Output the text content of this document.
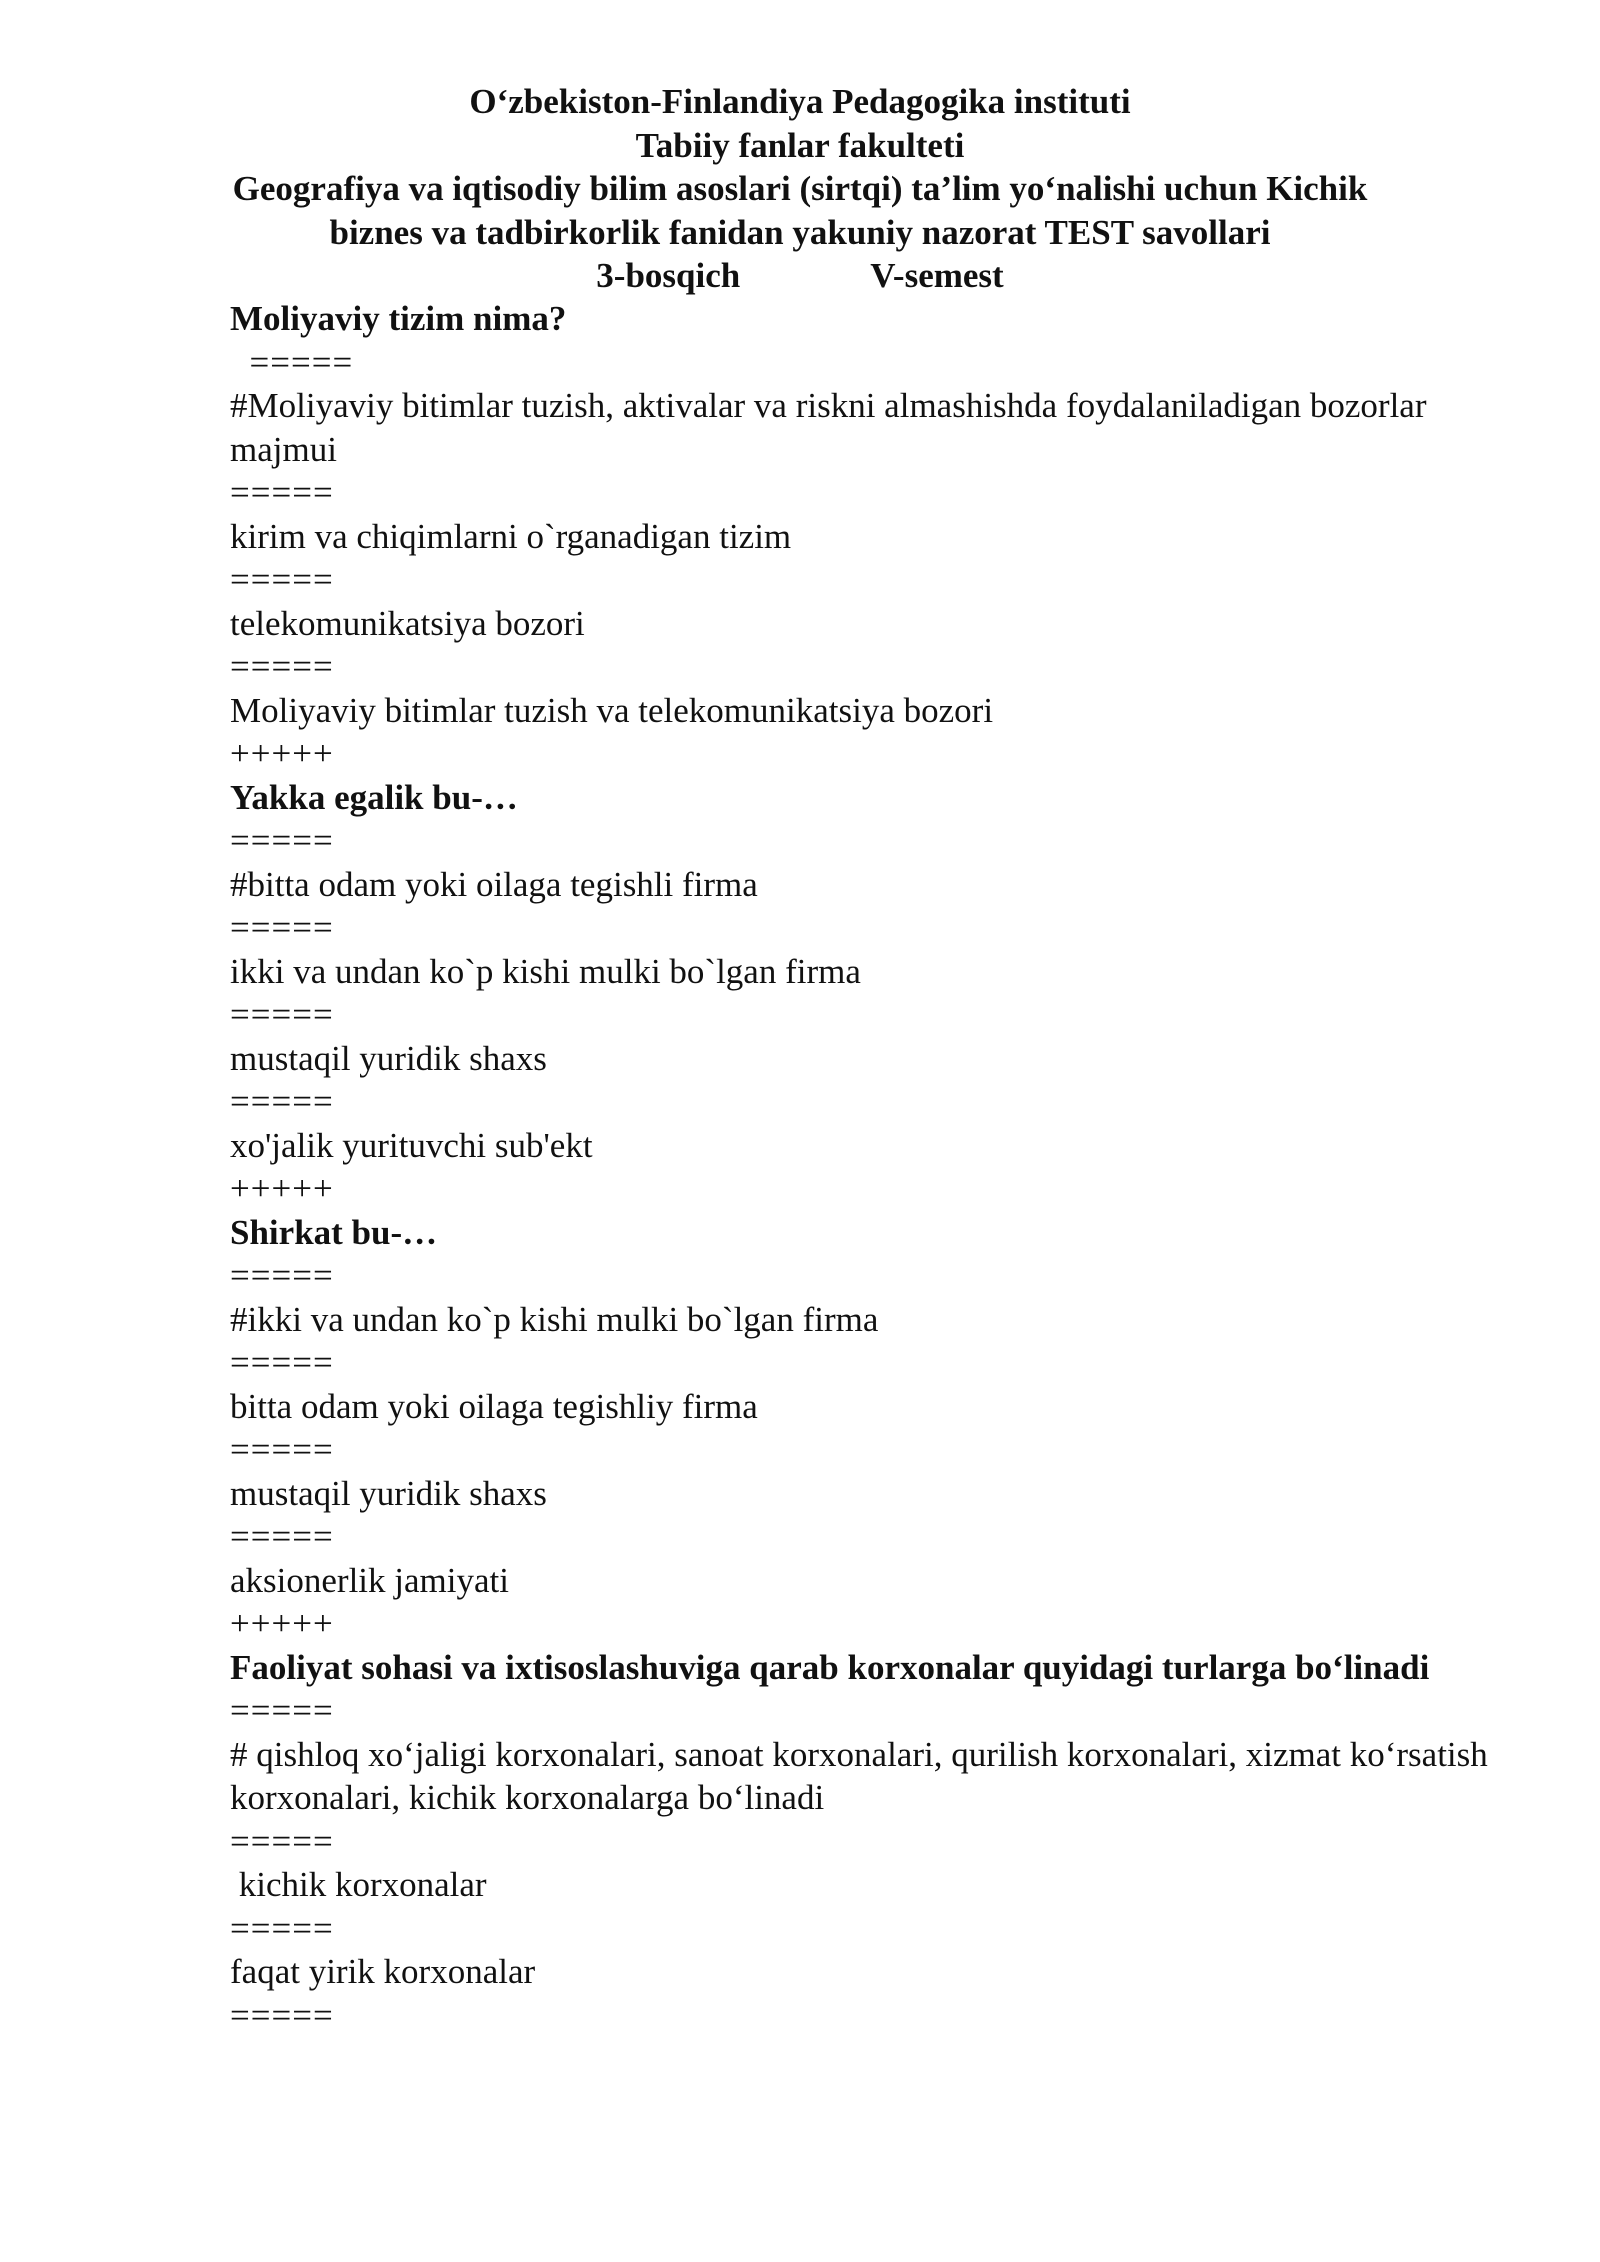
O‘zbekiston-Finlandiya Pedagogika instituti
Tabiiy fanlar fakulteti
Geografiya va iqtisodiy bilim asoslari (sirtqi) ta’lim yo‘nalishi uchun Kichik
biznes va tadbirkorlik fanidan yakuniy nazorat TEST savollari
3-bosqich	V-semest
Moliyaviy tizim nima?
=====
#Moliyaviy bitimlar tuzish, aktivalar va riskni almashishda foydalaniladigan bozorlar majmui
=====
kirim va chiqimlarni o`rganadigan tizim
=====
telekomunikatsiya bozori
=====
Moliyaviy bitimlar tuzish va telekomunikatsiya bozori
+++++
Yakka egalik bu-…
=====
#bitta odam yoki oilaga tegishli firma
=====
ikki va undan ko`p kishi mulki bo`lgan firma
=====
mustaqil yuridik shaxs
=====
xo'jalik yurituvchi sub'ekt
+++++
Shirkat bu-…
=====
#ikki va undan ko`p kishi mulki bo`lgan firma
=====
bitta odam yoki oilaga tegishliy firma
=====
mustaqil yuridik shaxs
=====
aksionerlik jamiyati
+++++
Faoliyat sohasi va ixtisoslashuviga qarab korxonalar quyidagi turlarga bo‘linadi
=====
# qishloq xo‘jaligi korxonalari, sanoat korxonalari, qurilish korxonalari, xizmat ko‘rsatish korxonalari, kichik korxonalarga bo‘linadi
=====
kichik korxonalar
=====
faqat yirik korxonalar
=====
